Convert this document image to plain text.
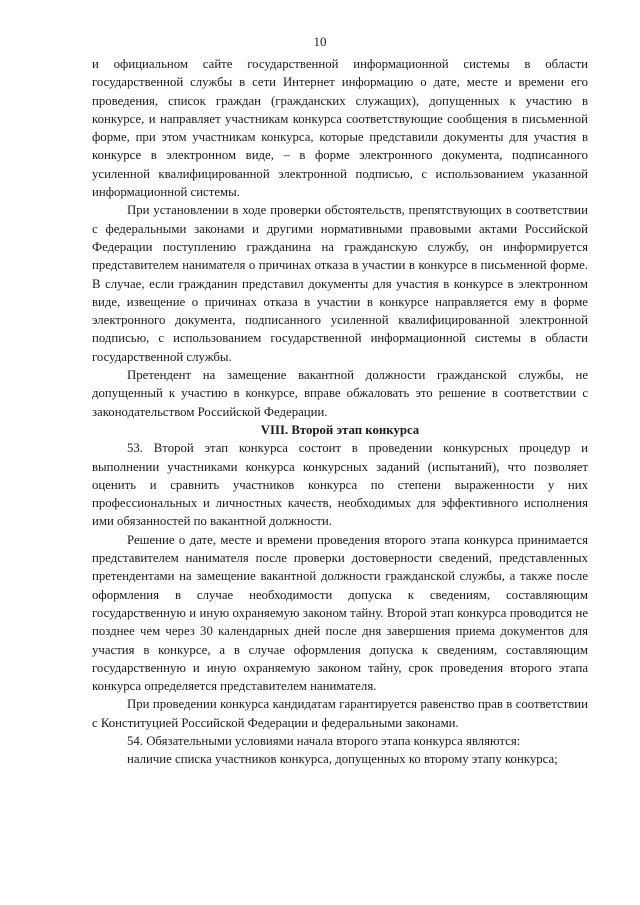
10

и официальном сайте государственной информационной системы в области государственной службы в сети Интернет информацию о дате, месте и времени его проведения, список граждан (гражданских служащих), допущенных к участию в конкурсе, и направляет участникам конкурса соответствующие сообщения в письменной форме, при этом участникам конкурса, которые представили документы для участия в конкурсе в электронном виде, – в форме электронного документа, подписанного усиленной квалифицированной электронной подписью, с использованием указанной информационной системы.

При установлении в ходе проверки обстоятельств, препятствующих в соответствии с федеральными законами и другими нормативными правовыми актами Российской Федерации поступлению гражданина на гражданскую службу, он информируется представителем нанимателя о причинах отказа в участии в конкурсе в письменной форме. В случае, если гражданин представил документы для участия в конкурсе в электронном виде, извещение о причинах отказа в участии в конкурсе направляется ему в форме электронного документа, подписанного усиленной квалифицированной электронной подписью, с использованием государственной информационной системы в области государственной службы.

Претендент на замещение вакантной должности гражданской службы, не допущенный к участию в конкурсе, вправе обжаловать это решение в соответствии с законодательством Российской Федерации.

VIII. Второй этап конкурса

53. Второй этап конкурса состоит в проведении конкурсных процедур и выполнении участниками конкурса конкурсных заданий (испытаний), что позволяет оценить и сравнить участников конкурса по степени выраженности у них профессиональных и личностных качеств, необходимых для эффективного исполнения ими обязанностей по вакантной должности.

Решение о дате, месте и времени проведения второго этапа конкурса принимается представителем нанимателя после проверки достоверности сведений, представленных претендентами на замещение вакантной должности гражданской службы, а также после оформления в случае необходимости допуска к сведениям, составляющим государственную и иную охраняемую законом тайну. Второй этап конкурса проводится не позднее чем через 30 календарных дней после дня завершения приема документов для участия в конкурсе, а в случае оформления допуска к сведениям, составляющим государственную и иную охраняемую законом тайну, срок проведения второго этапа конкурса определяется представителем нанимателя.

При проведении конкурса кандидатам гарантируется равенство прав в соответствии с Конституцией Российской Федерации и федеральными законами.

54. Обязательными условиями начала второго этапа конкурса являются:

наличие списка участников конкурса, допущенных ко второму этапу конкурса;
